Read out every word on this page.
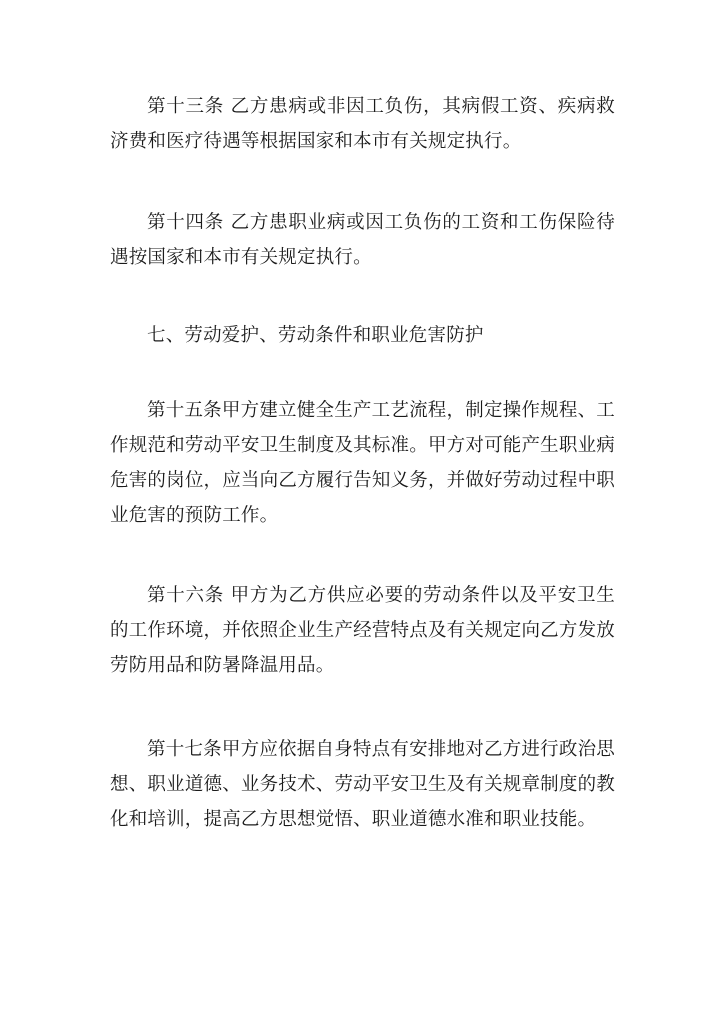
第十三条 乙方患病或非因工负伤，其病假工资、疾病救济费和医疗待遇等根据国家和本市有关规定执行。

第十四条 乙方患职业病或因工负伤的工资和工伤保险待遇按国家和本市有关规定执行。

七、劳动爱护、劳动条件和职业危害防护

第十五条甲方建立健全生产工艺流程，制定操作规程、工作规范和劳动平安卫生制度及其标准。甲方对可能产生职业病危害的岗位，应当向乙方履行告知义务，并做好劳动过程中职业危害的预防工作。

第十六条 甲方为乙方供应必要的劳动条件以及平安卫生的工作环境，并依照企业生产经营特点及有关规定向乙方发放劳防用品和防暑降温用品。

第十七条甲方应依据自身特点有安排地对乙方进行政治思想、职业道德、业务技术、劳动平安卫生及有关规章制度的教化和培训，提高乙方思想觉悟、职业道德水准和职业技能。
